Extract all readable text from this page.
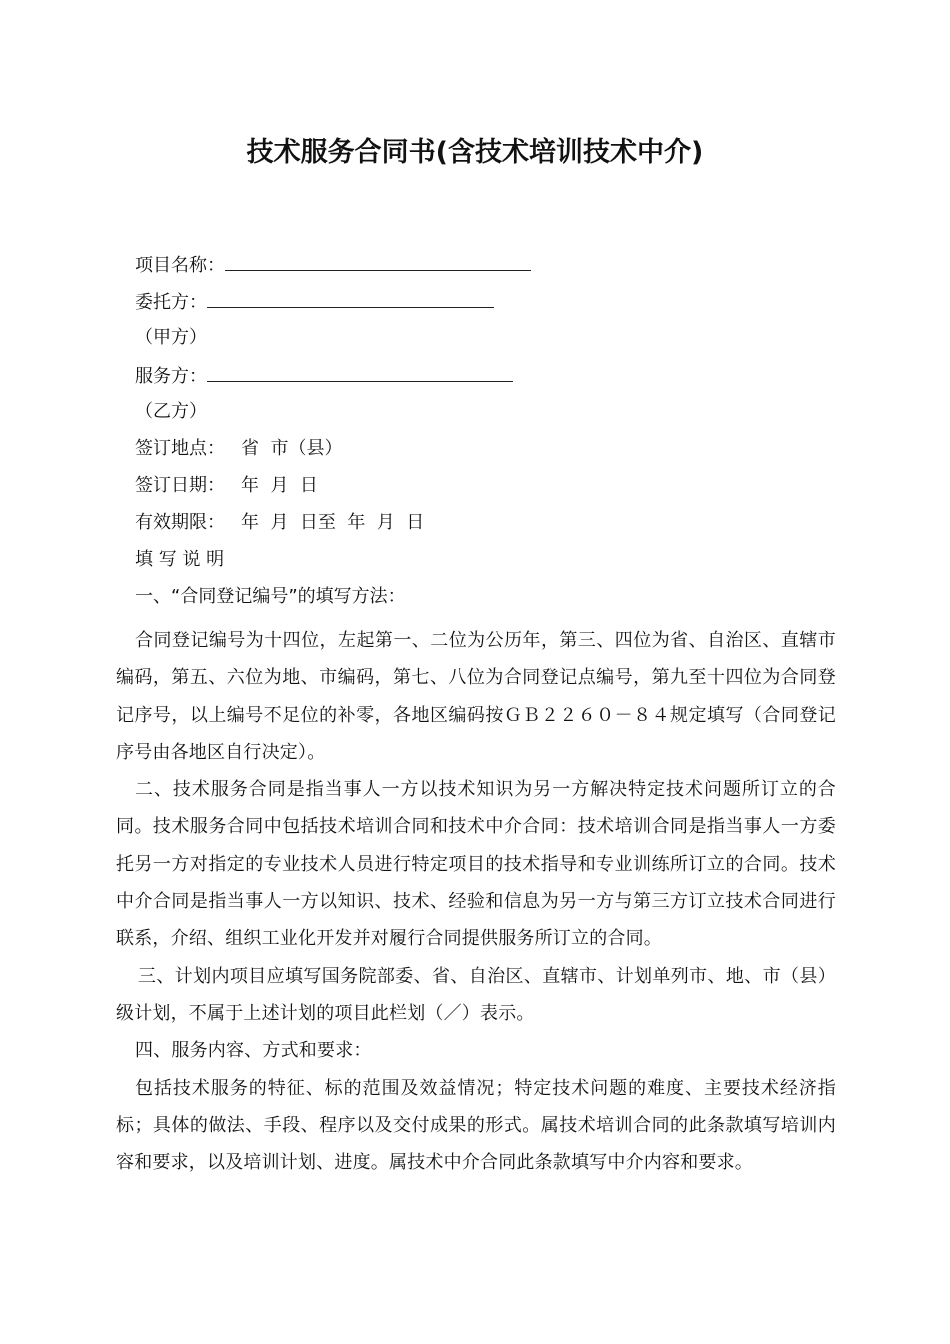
技术服务合同书(含技术培训技术中介)
项目名称：
委托方：
（甲方）
服务方：
（乙方）
签订地点： 省  市（县）
签订日期： 年  月  日
有效期限： 年  月  日至  年  月  日
填 写 说 明
一、“合同登记编号”的填写方法：

合同登记编号为十四位，左起第一、二位为公历年，第三、四位为省、自治区、直辖市编码，第五、六位为地、市编码，第七、八位为合同登记点编号，第九至十四位为合同登记序号，以上编号不足位的补零，各地区编码按ＧＢ２２６０－８４规定填写（合同登记序号由各地区自行决定）。

二、技术服务合同是指当事人一方以技术知识为另一方解决特定技术问题所订立的合同。技术服务合同中包括技术培训合同和技术中介合同：技术培训合同是指当事人一方委托另一方对指定的专业技术人员进行特定项目的技术指导和专业训练所订立的合同。技术中介合同是指当事人一方以知识、技术、经验和信息为另一方与第三方订立技术合同进行联系，介绍、组织工业化开发并对履行合同提供服务所订立的合同。

三、计划内项目应填写国务院部委、省、自治区、直辖市、计划单列市、地、市（县）级计划，不属于上述计划的项目此栏划（／）表示。

四、服务内容、方式和要求：

包括技术服务的特征、标的范围及效益情况；特定技术问题的难度、主要技术经济指标；具体的做法、手段、程序以及交付成果的形式。属技术培训合同的此条款填写培训内容和要求，以及培训计划、进度。属技术中介合同此条款填写中介内容和要求。
